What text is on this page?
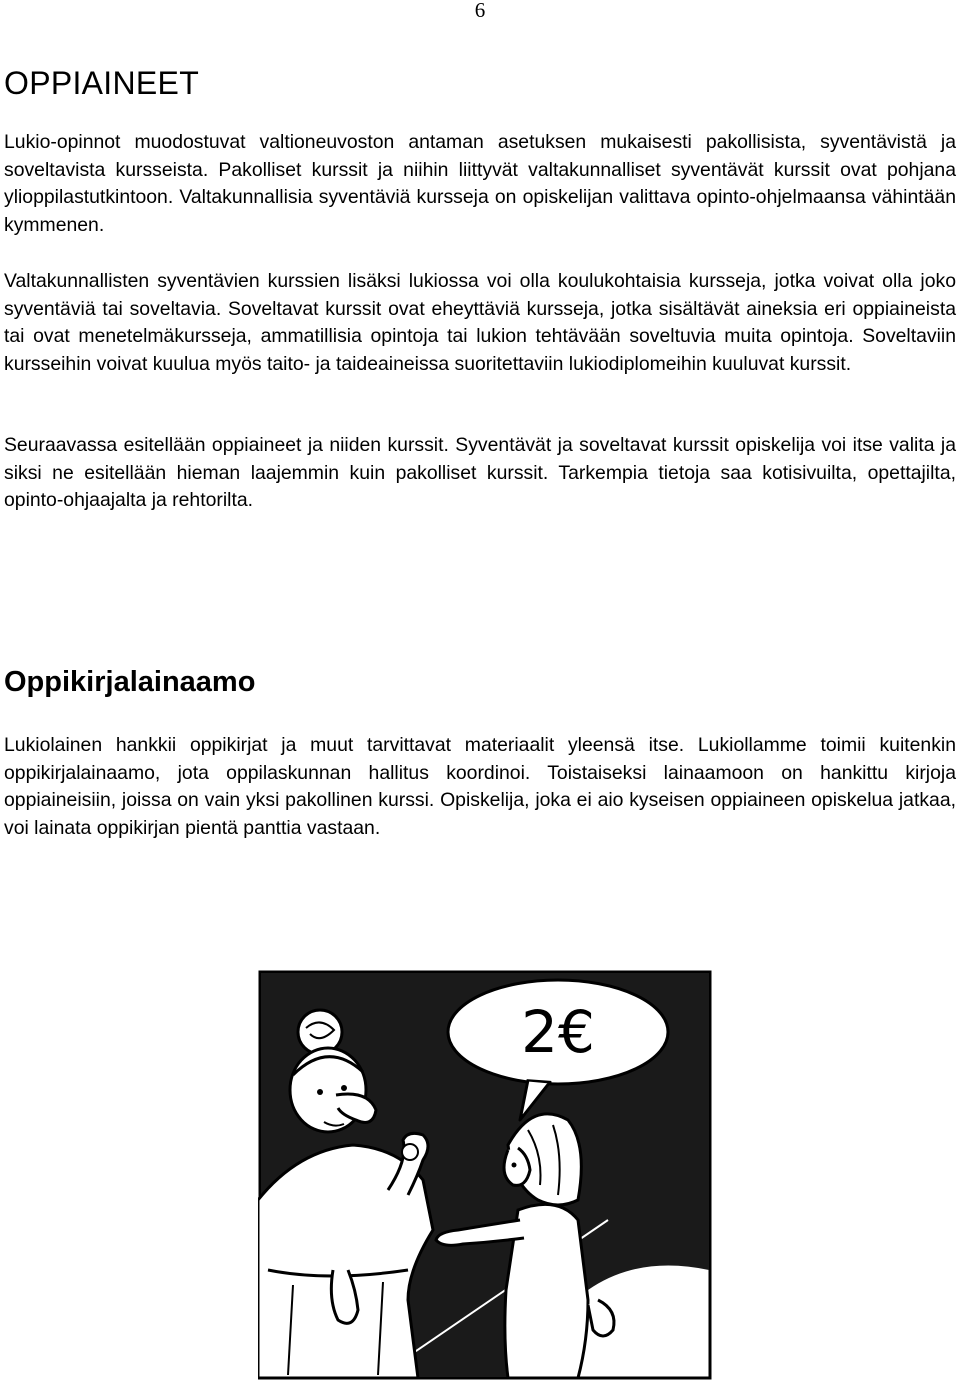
6
OPPIAINEET

Lukio-opinnot muodostuvat valtioneuvoston antaman asetuksen mukaisesti pakollisista, syventävistä ja soveltavista kursseista. Pakolliset kurssit ja niihin liittyvät valtakunnalliset syventävät kurssit ovat pohjana ylioppilastutkintoon. Valtakunnallisia syventäviä kursseja on opiskelijan valittava opinto-ohjelmaansa vähintään kymmenen.

Valtakunnallisten syventävien kurssien lisäksi lukiossa voi olla koulukohtaisia kursseja, jotka voivat olla joko syventäviä tai soveltavia. Soveltavat kurssit ovat eheyttäviä kursseja, jotka sisältävät aineksia eri oppiaineista tai ovat menetelmäkursseja, ammatillisia opintoja tai lukion tehtävään soveltuvia muita opintoja. Soveltaviin kursseihin voivat kuulua myös taito- ja taideaineissa suoritettaviin lukiodiplomeihin kuuluvat kurssit.

Seuraavassa esitellään oppiaineet ja niiden kurssit. Syventävät ja soveltavat kurssit opiskelija voi itse valita ja siksi ne esitellään hieman laajemmin kuin pakolliset kurssit. Tarkempia tietoja saa kotisivuilta, opettajilta, opinto-ohjaajalta ja rehtorilta.

Oppikirjalainaamo

Lukiolainen hankkii oppikirjat ja muut tarvittavat materiaalit yleensä itse. Lukiollamme toimii kuitenkin oppikirjalainaamo, jota oppilaskunnan hallitus koordinoi. Toistaiseksi lainaamoon on hankittu kirjoja oppiaineisiin, joissa on vain yksi pakollinen kurssi. Opiskelija, joka ei aio kyseisen oppiaineen opiskelua jatkaa, voi lainata oppikirjan pientä panttia vastaan.

2€
